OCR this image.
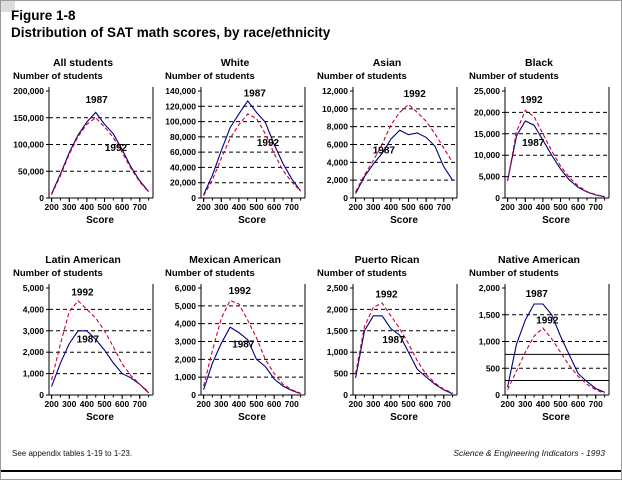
Figure 1-8
Distribution of SAT math scores, by race/ethnicity
All students
Number of students
0
50,000
100,000
150,000
200,000
200 300 400 500 600 700
1987
1992
Score
White
Number of students
0
20,000
40,000
60,000
80,000
100,000
120,000
140,000
200 300 400 500 600 700
1987
1992
Score
Asian
Number of students
0
2,000
4,000
6,000
8,000
10,000
12,000
200 300 400 500 600 700
1992
1987
Score
Black
Number of students
0
5,000
10,000
15,000
20,000
25,000
200 300 400 500 600 700
1992
1987
Score
Latin American
Number of students
0
1,000
2,000
3,000
4,000
5,000
200 300 400 500 600 700
1992
1987
Score
Mexican American
Number of students
0
1,000
2,000
3,000
4,000
5,000
6,000
200 300 400 500 600 700
1992
1987
Score
Puerto Rican
Number of students
0
500
1,000
1,500
2,000
2,500
200 300 400 500 600 700
1992
1987
Score
Native American
Number of students
0
500
1,000
1,500
2,000
200 300 400 500 600 700
1987
1992
Score
See appendix tables 1-19 to 1-23.	Science & Engineering Indicators - 1993
